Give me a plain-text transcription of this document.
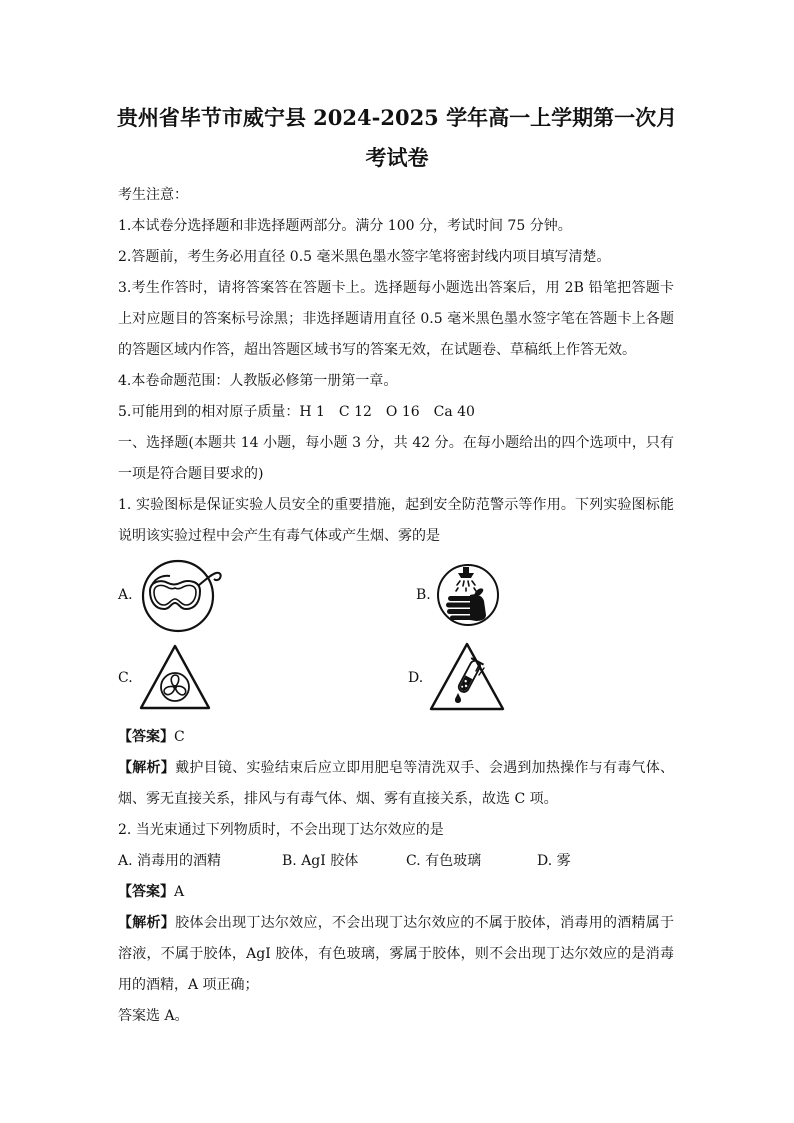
贵州省毕节市威宁县 2024-2025 学年高一上学期第一次月考试卷

考生注意：

1.本试卷分选择题和非选择题两部分。满分 100 分，考试时间 75 分钟。

2.答题前，考生务必用直径 0.5 毫米黑色墨水签字笔将密封线内项目填写清楚。

3.考生作答时，请将答案答在答题卡上。选择题每小题选出答案后，用 2B 铅笔把答题卡上对应题目的答案标号涂黑；非选择题请用直径 0.5 毫米黑色墨水签字笔在答题卡上各题的答题区域内作答，超出答题区域书写的答案无效，在试题卷、草稿纸上作答无效。

4.本卷命题范围：人教版必修第一册第一章。

5.可能用到的相对原子质量：H 1　C 12　O 16　Ca 40

一、选择题(本题共 14 小题，每小题 3 分，共 42 分。在每小题给出的四个选项中，只有一项是符合题目要求的)

1. 实验图标是保证实验人员安全的重要措施，起到安全防范警示等作用。下列实验图标能说明该实验过程中会产生有毒气体或产生烟、雾的是

A.	B.
C.	D.

【答案】C

【解析】戴护目镜、实验结束后应立即用肥皂等清洗双手、会遇到加热操作与有毒气体、烟、雾无直接关系，排风与有毒气体、烟、雾有直接关系，故选 C 项。

2. 当光束通过下列物质时，不会出现丁达尔效应的是

A. 消毒用的酒精	B. AgI 胶体	C. 有色玻璃	D. 雾

【答案】A

【解析】胶体会出现丁达尔效应，不会出现丁达尔效应的不属于胶体，消毒用的酒精属于溶液，不属于胶体，AgI 胶体，有色玻璃，雾属于胶体，则不会出现丁达尔效应的是消毒用的酒精，A 项正确；

答案选 A。
